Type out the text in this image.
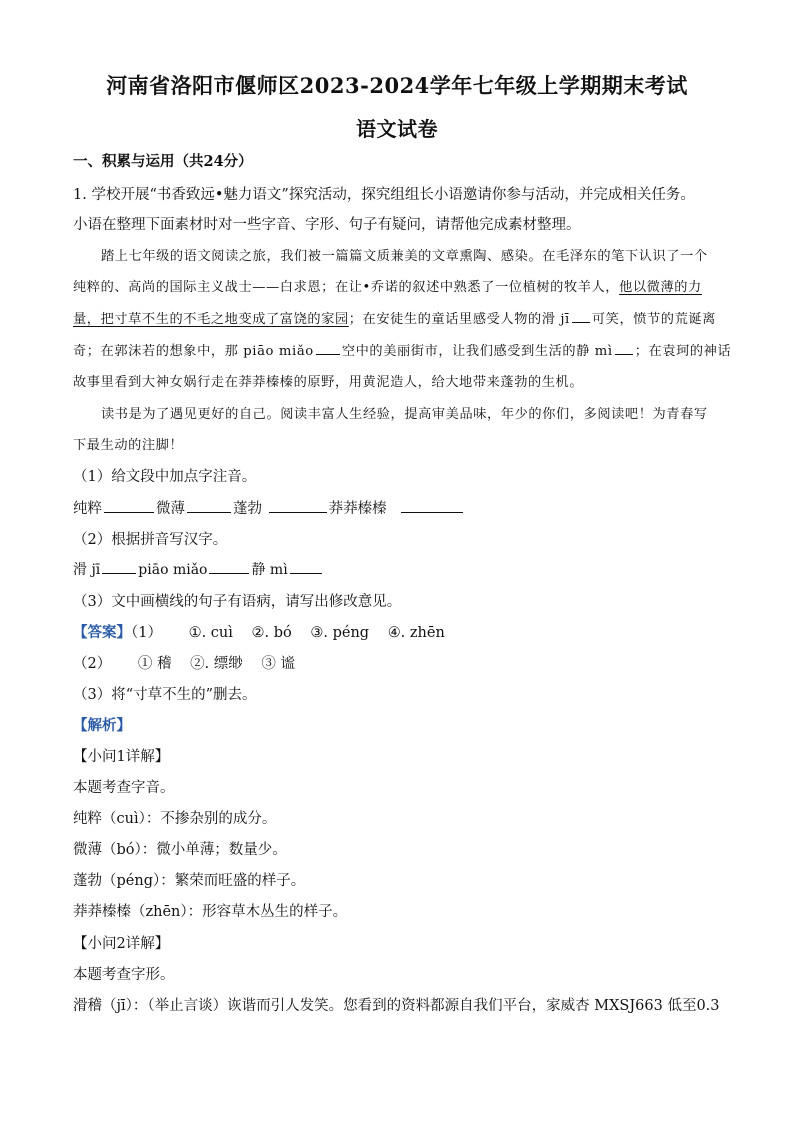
河南省洛阳市偃师区2023-2024学年七年级上学期期末考试
语文试卷
一、积累与运用（共24分）
1. 学校开展“书香致远•魅力语文”探究活动，探究组组长小语邀请你参与活动，并完成相关任务。
小语在整理下面素材时对一些字音、字形、句子有疑问，请帮他完成素材整理。
踏上七年级的语文阅读之旅，我们被一篇篇文质兼美的文章熏陶、感染。在毛泽东的笔下认识了一个
纯粹的、高尚的国际主义战士——白求恩；在让•乔诺的叙述中熟悉了一位植树的牧羊人，他以微薄的力
量，把寸草不生的不毛之地变成了富饶的家园；在安徒生的童话里感受人物的滑 jī 可笑，愤节的荒诞离
奇；在郭沫若的想象中，那 piāo miǎo 空中的美丽街市，让我们感受到生活的静 mì ；在袁珂的神话
故事里看到大神女娲行走在莽莽榛榛的原野，用黄泥造人，给大地带来蓬勃的生机。
读书是为了遇见更好的自己。阅读丰富人生经验，提高审美品味，年少的你们，多阅读吧！为青春写
下最生动的注脚！
（1）给文段中加点字注音。
纯粹	微薄	蓬勃	莽莽榛榛
（2）根据拼音写汉字。
滑 jī	piāo miǎo	静 mì
（3）文中画横线的句子有语病，请写出修改意见。
【答案】（1） ①. cuì ②. bó ③. péng ④. zhēn
（2） ① 稽 ②. 缥缈 ③ 谧
（3）将“寸草不生的”删去。
【解析】
【小问1详解】
本题考查字音。
纯粹（cuì）：不掺杂别的成分。
微薄（bó）：微小单薄；数量少。
蓬勃（péng）：繁荣而旺盛的样子。
莽莽榛榛（zhēn）：形容草木丛生的样子。
【小问2详解】
本题考查字形。
滑稽（jī）：（举止言谈）诙谐而引人发笑。您看到的资料都源自我们平台，家威杏 MXSJ663 低至0.3
